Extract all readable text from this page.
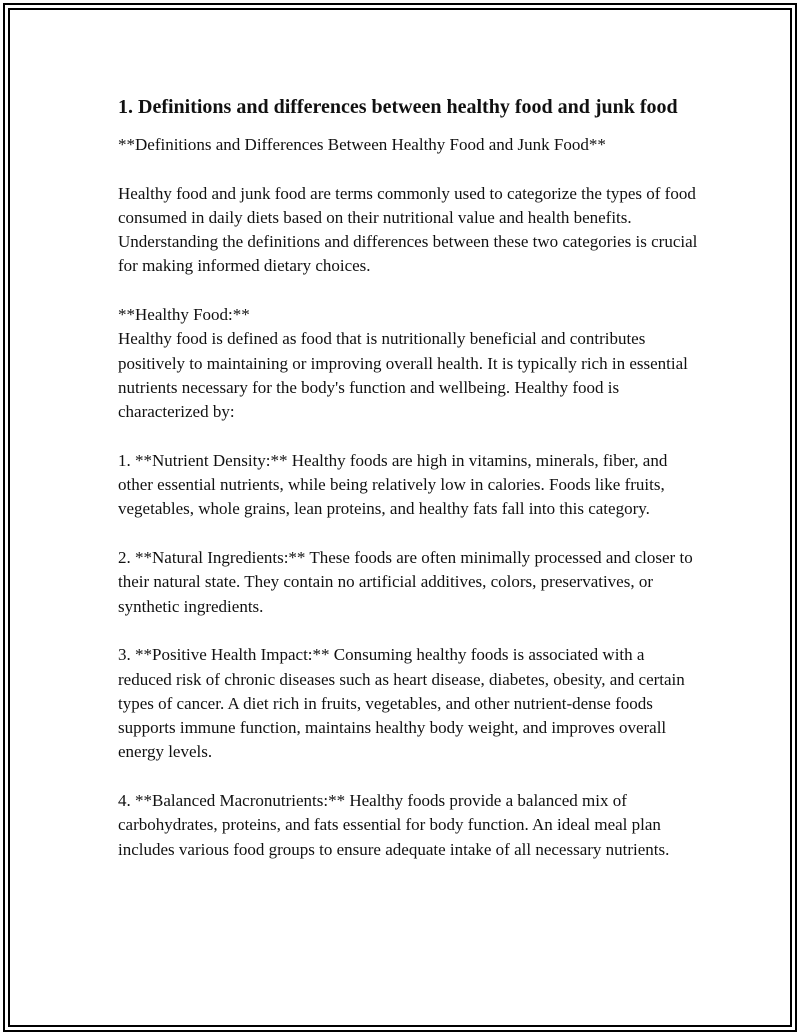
1. Definitions and differences between healthy food and junk food

**Definitions and Differences Between Healthy Food and Junk Food**

Healthy food and junk food are terms commonly used to categorize the types of food consumed in daily diets based on their nutritional value and health benefits. Understanding the definitions and differences between these two categories is crucial for making informed dietary choices.

**Healthy Food:**
Healthy food is defined as food that is nutritionally beneficial and contributes positively to maintaining or improving overall health. It is typically rich in essential nutrients necessary for the body's function and wellbeing. Healthy food is characterized by:

1. **Nutrient Density:** Healthy foods are high in vitamins, minerals, fiber, and other essential nutrients, while being relatively low in calories. Foods like fruits, vegetables, whole grains, lean proteins, and healthy fats fall into this category.

2. **Natural Ingredients:** These foods are often minimally processed and closer to their natural state. They contain no artificial additives, colors, preservatives, or synthetic ingredients.

3. **Positive Health Impact:** Consuming healthy foods is associated with a reduced risk of chronic diseases such as heart disease, diabetes, obesity, and certain types of cancer. A diet rich in fruits, vegetables, and other nutrient-dense foods supports immune function, maintains healthy body weight, and improves overall energy levels.

4. **Balanced Macronutrients:** Healthy foods provide a balanced mix of carbohydrates, proteins, and fats essential for body function. An ideal meal plan includes various food groups to ensure adequate intake of all necessary nutrients.
